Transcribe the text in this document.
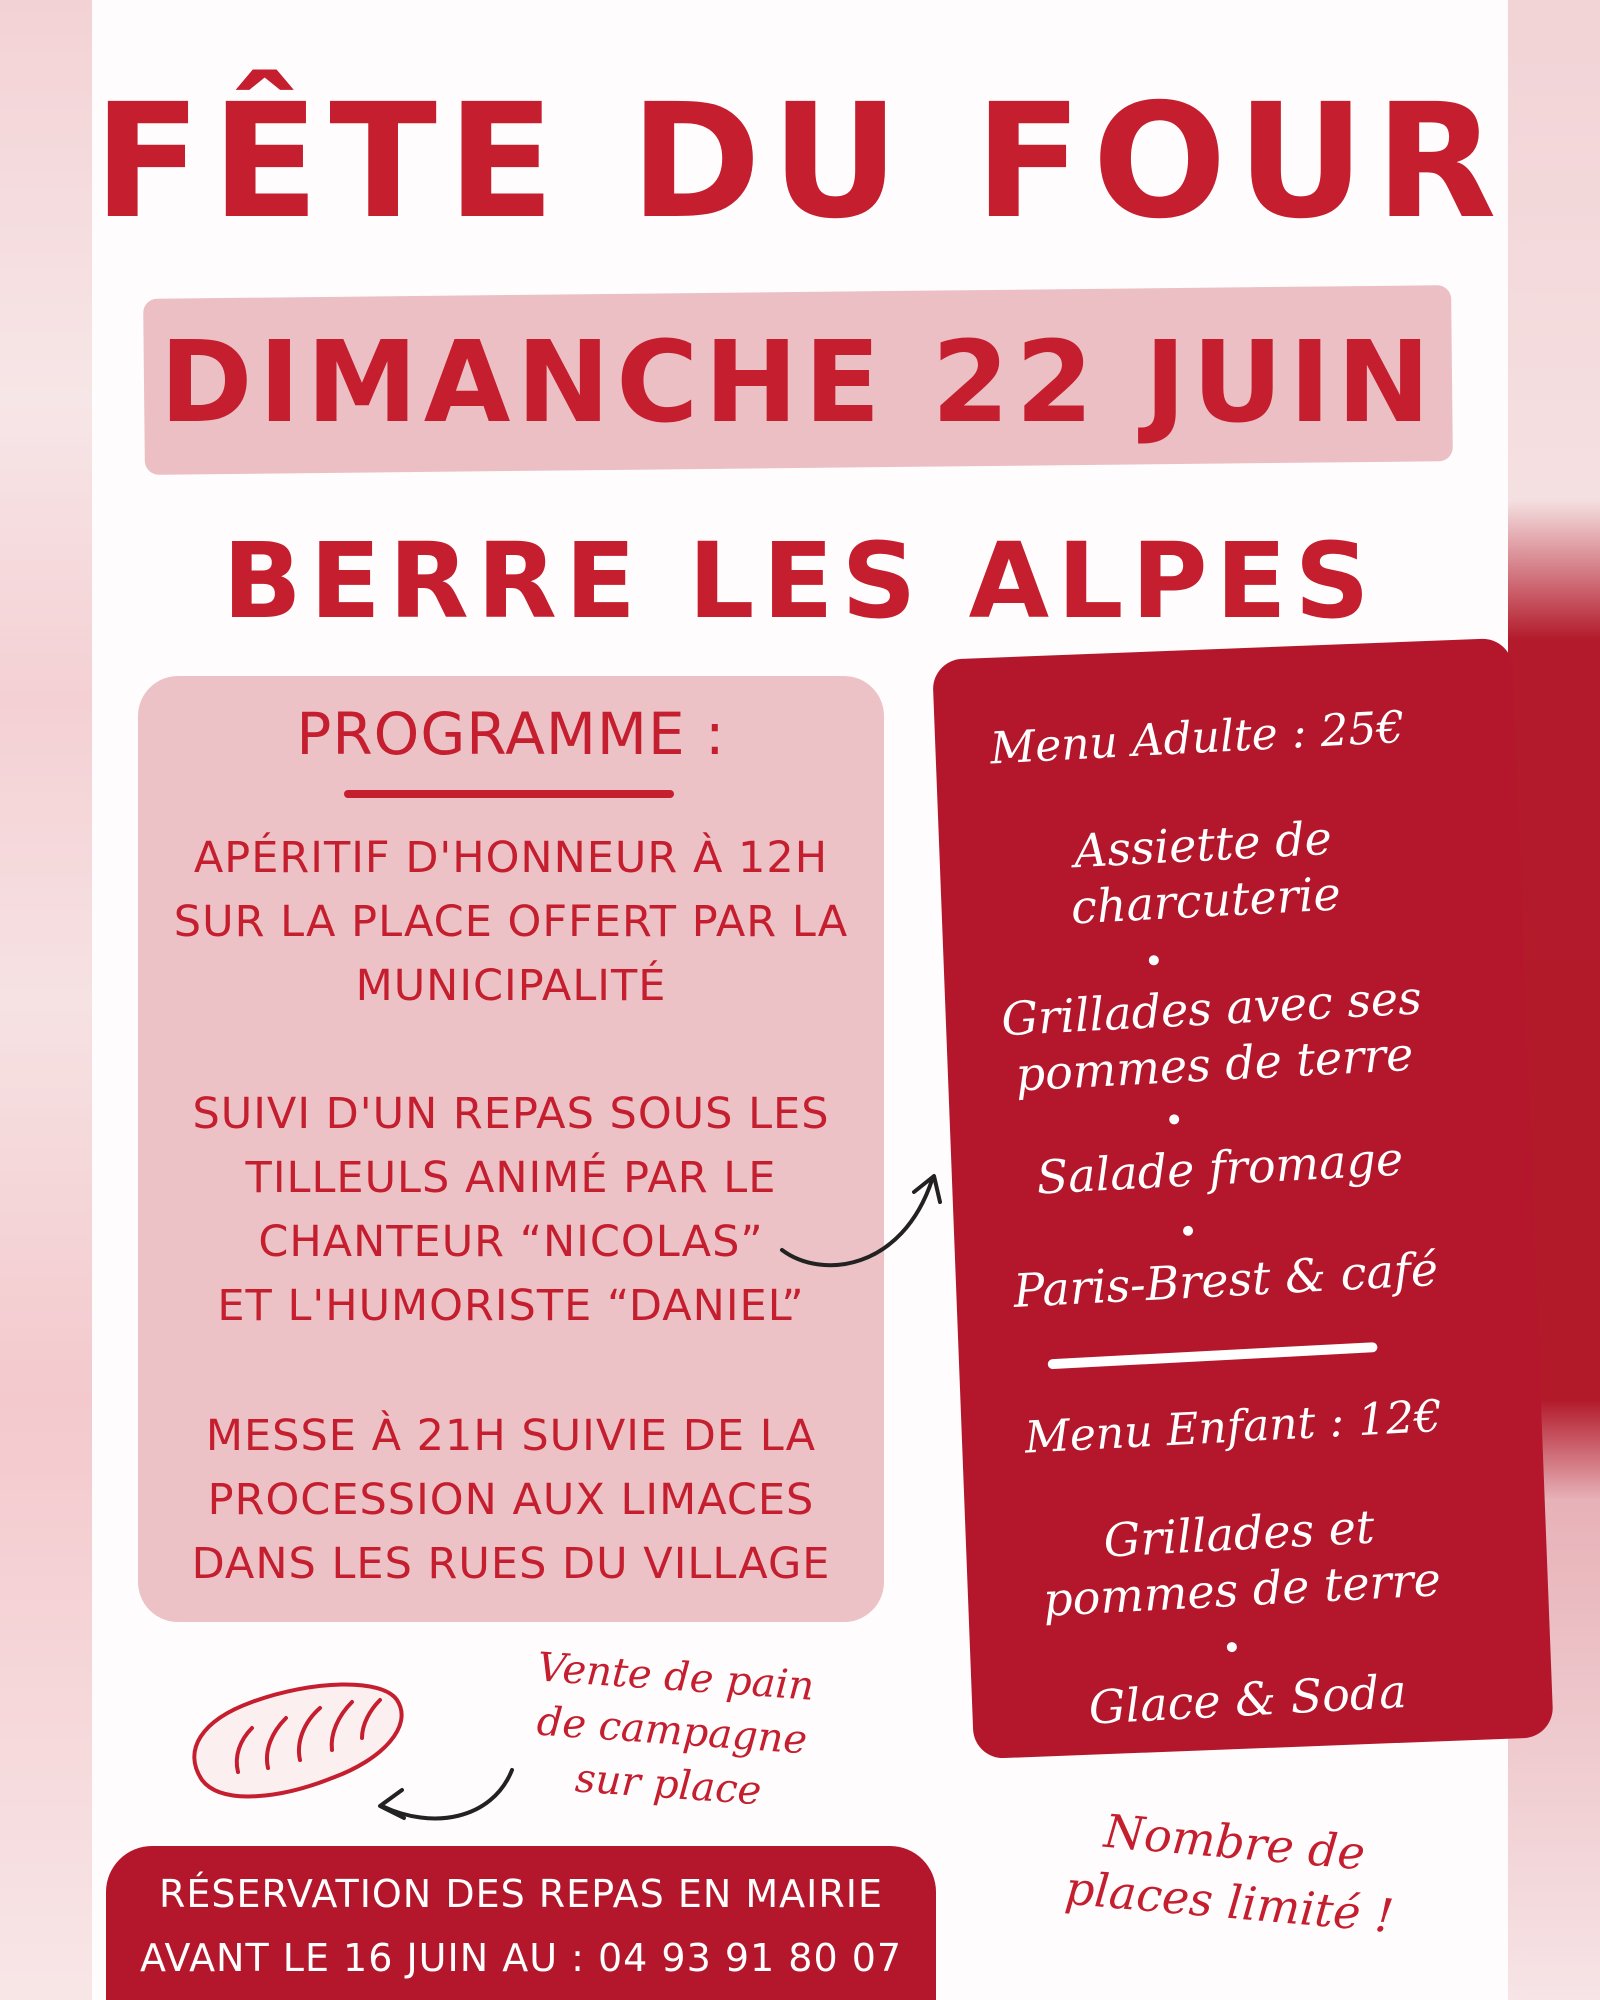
FÊTE DU FOUR
DIMANCHE 22 JUIN
BERRE LES ALPES
PROGRAMME :
APÉRITIF D'HONNEUR À 12H
SUR LA PLACE OFFERT PAR LA
MUNICIPALITÉ
SUIVI D'UN REPAS SOUS LES
TILLEULS ANIMÉ PAR LE
CHANTEUR “NICOLAS”
ET L'HUMORISTE “DANIEL”
MESSE À 21H SUIVIE DE LA
PROCESSION AUX LIMACES
DANS LES RUES DU VILLAGE
Menu Adulte : 25€
Assiette de
charcuterie
Grillades avec ses
pommes de terre
Salade fromage
Paris-Brest & café
Menu Enfant : 12€
Grillades et
pommes de terre
Glace & Soda
Vente de pain
de campagne
sur place
RÉSERVATION DES REPAS EN MAIRIE
AVANT LE 16 JUIN AU : 04 93 91 80 07
Nombre de
places limité !
